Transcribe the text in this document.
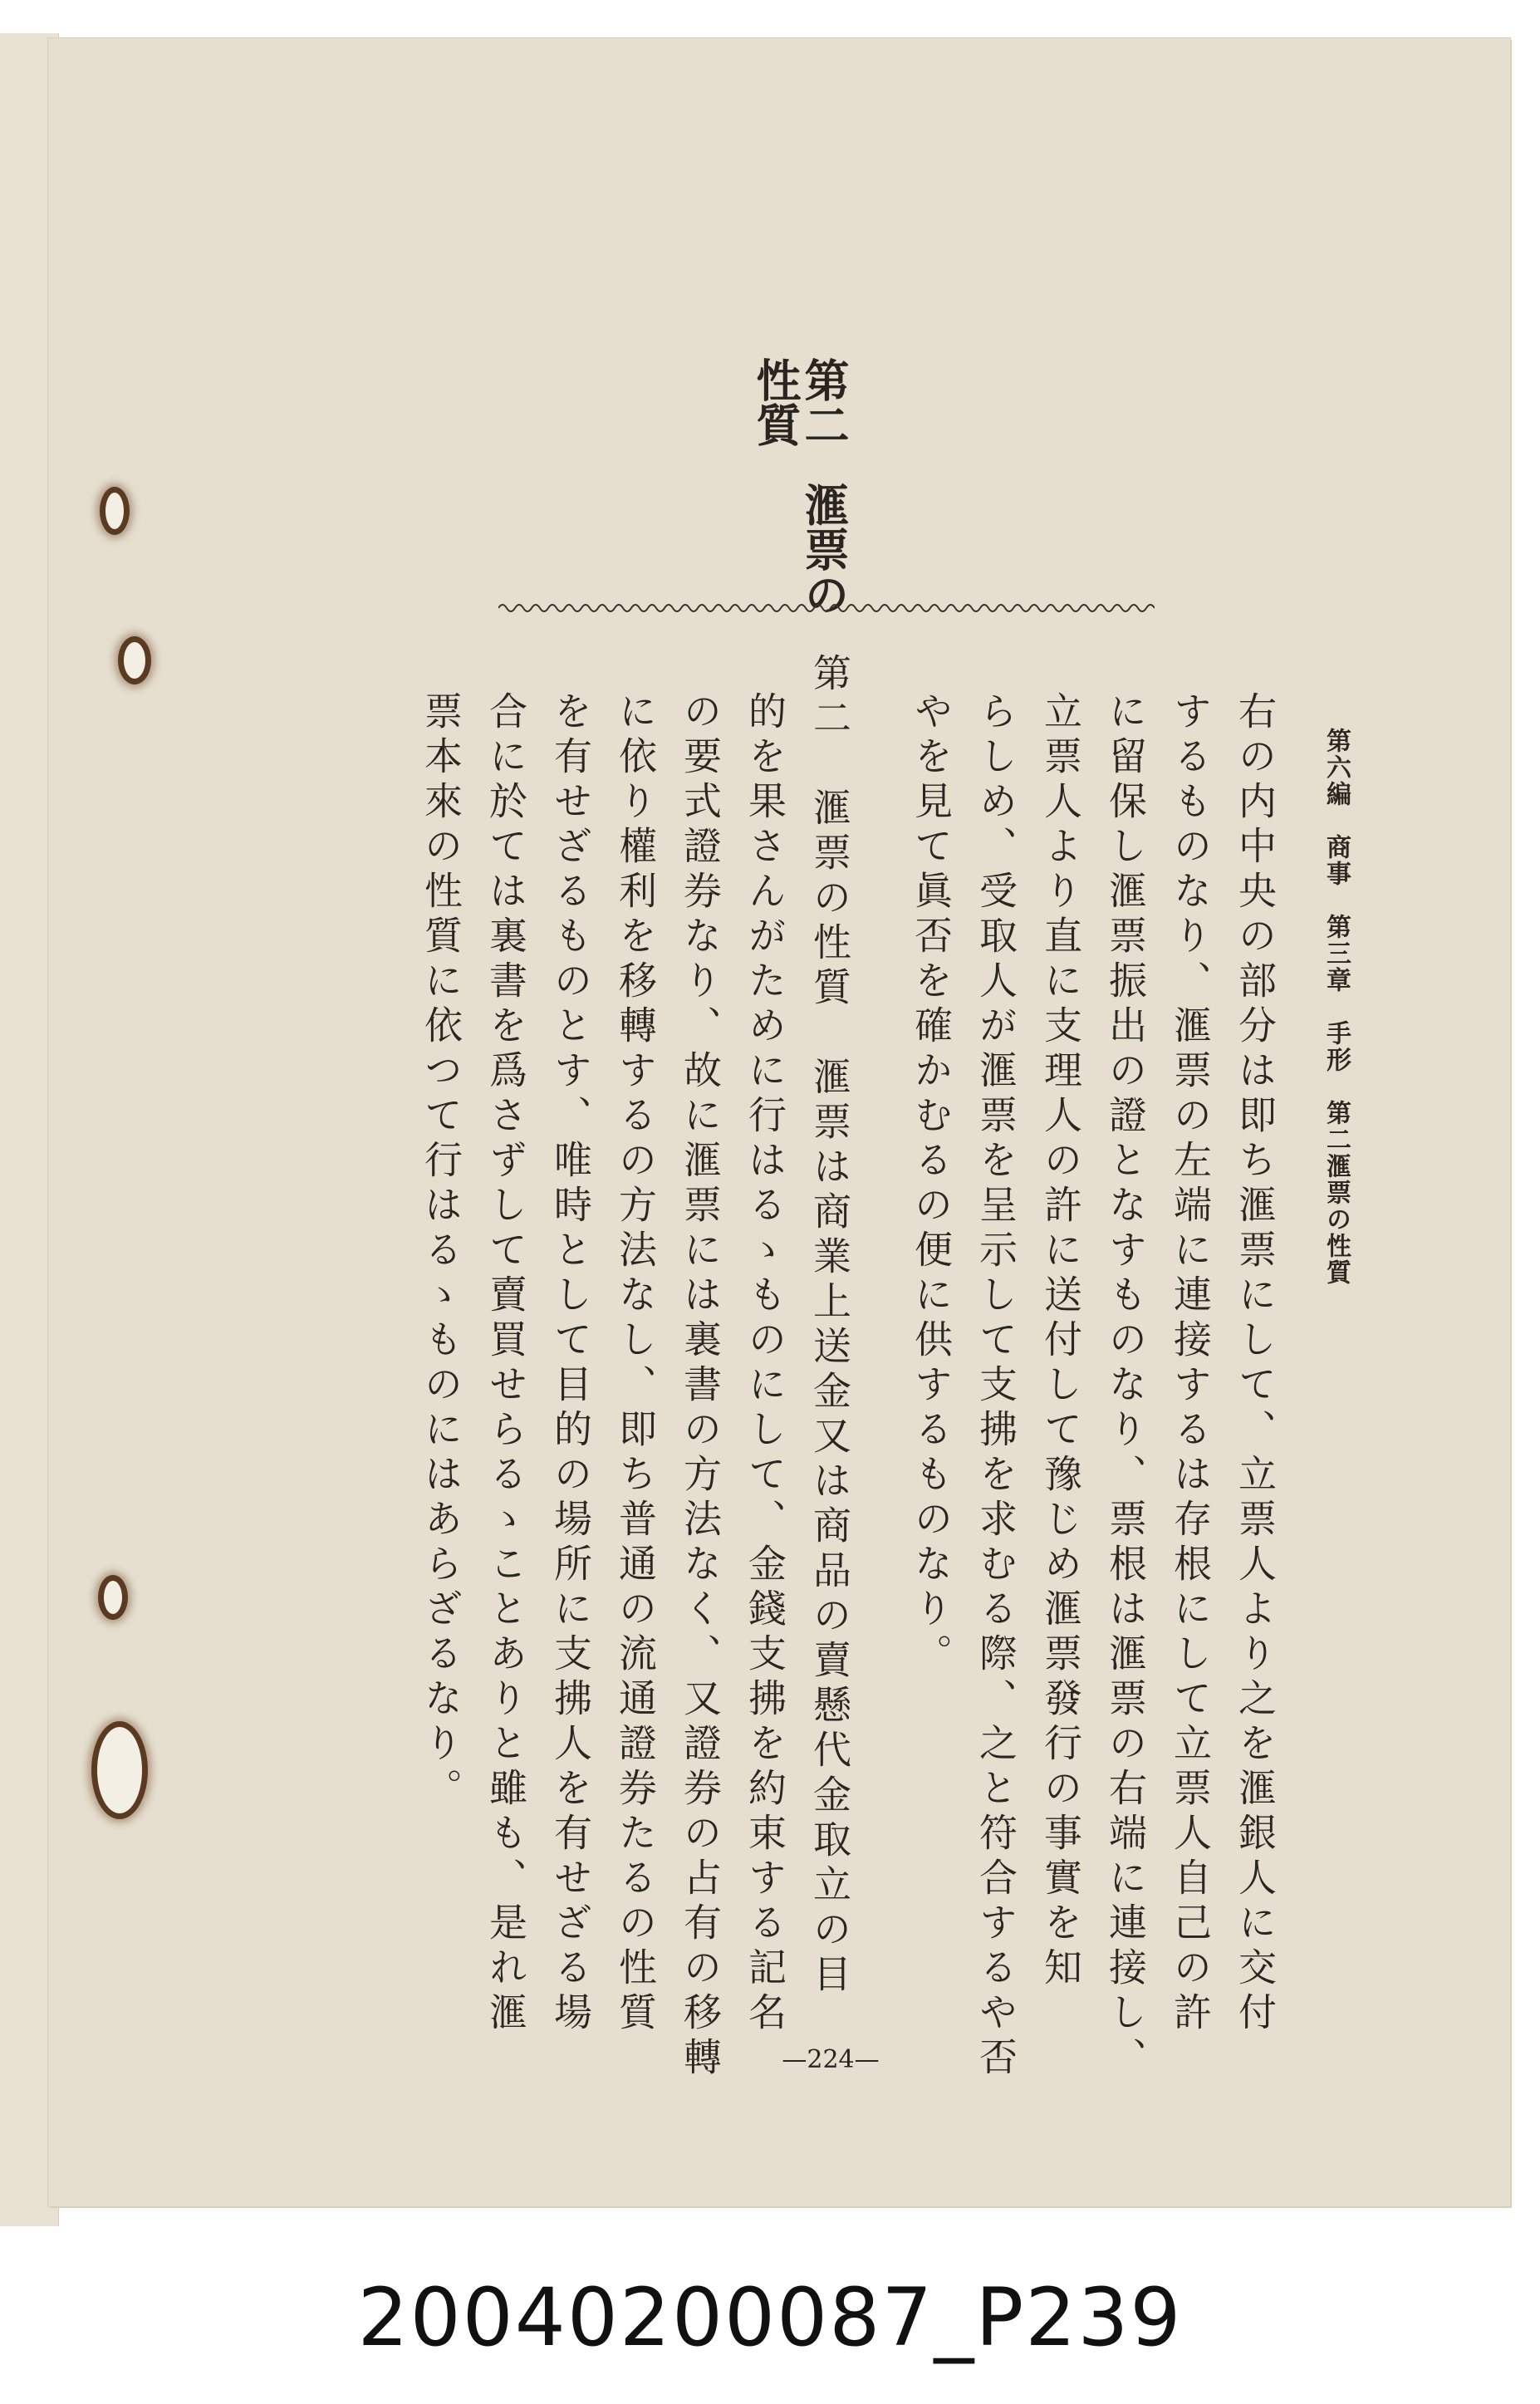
第六編　商事　第三章　手形　第二滙票の性質
第二
性質
滙票の
右の内中央の部分は即ち滙票にして、立票人より之を滙銀人に交付
するものなり、滙票の左端に連接するは存根にして立票人自己の許
に留保し滙票振出の證となすものなり、票根は滙票の右端に連接し、
立票人より直に支理人の許に送付して豫じめ滙票發行の事實を知
らしめ、受取人が滙票を呈示して支拂を求むる際、之と符合するや否
やを見て眞否を確かむるの便に供するものなり。
第二　滙票の性質　滙票は商業上送金又は商品の賣懸代金取立の目
的を果さんがために行はるゝものにして、金錢支拂を約束する記名
の要式證券なり、故に滙票には裏書の方法なく、又證券の占有の移轉
に依り權利を移轉するの方法なし、即ち普通の流通證券たるの性質
を有せざるものとす、唯時として目的の場所に支拂人を有せざる場
合に於ては裏書を爲さずして賣買せらるゝことありと雖も、是れ滙
票本來の性質に依つて行はるゝものにはあらざるなり。
—224—
20040200087_P239
